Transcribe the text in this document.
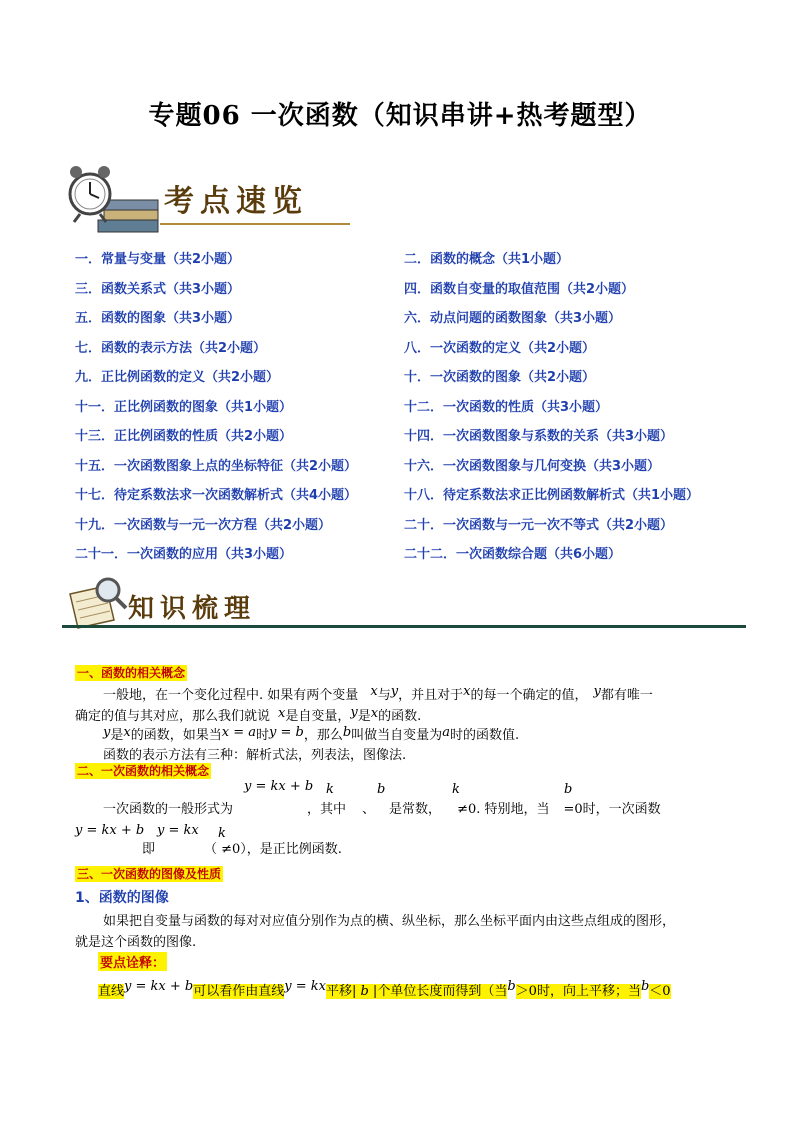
专题06 一次函数（知识串讲+热考题型）
考点速览
一．常量与变量（共2小题）	二．函数的概念（共1小题）
三．函数关系式（共3小题）	四．函数自变量的取值范围（共2小题）
五．函数的图象（共3小题）	六．动点问题的函数图象（共3小题）
七．函数的表示方法（共2小题）	八．一次函数的定义（共2小题）
九．正比例函数的定义（共2小题）	十．一次函数的图象（共2小题）
十一．正比例函数的图象（共1小题）	十二．一次函数的性质（共3小题）
十三．正比例函数的性质（共2小题）	十四．一次函数图象与系数的关系（共3小题）
十五．一次函数图象上点的坐标特征（共2小题）	十六．一次函数图象与几何变换（共3小题）
十七．待定系数法求一次函数解析式（共4小题）	十八．待定系数法求正比例函数解析式（共1小题）
十九．一次函数与一元一次方程（共2小题）	二十．一次函数与一元一次不等式（共2小题）
二十一．一次函数的应用（共3小题）	二十二．一次函数综合题（共6小题）
知识梳理
一、函数的相关概念
一般地，在一个变化过程中. 如果有两个变量 x与y，并且对于x的每一个确定的值， y都有唯一
确定的值与其对应，那么我们就说 x是自变量，y是x的函数.
y是x的函数，如果当x = a时y = b，那么b叫做当自变量为a时的函数值.
函数的表示方法有三种：解析式法，列表法，图像法.
二、一次函数的相关概念
y = kx + b k	b	k	b
一次函数的一般形式为	，其中 、 是常数， ≠0. 特别地，当 =0时，一次函数
y = kx + b y = kx k
即	（ ≠0），是正比例函数.
三、一次函数的图像及性质
1、函数的图像
如果把自变量与函数的每对对应值分别作为点的横、纵坐标，那么坐标平面内由这些点组成的图形，
就是这个函数的图像.
要点诠释：
直线y = kx + b可以看作由直线y = kx平移| b |个单位长度而得到（当b＞0时，向上平移；当b＜0
